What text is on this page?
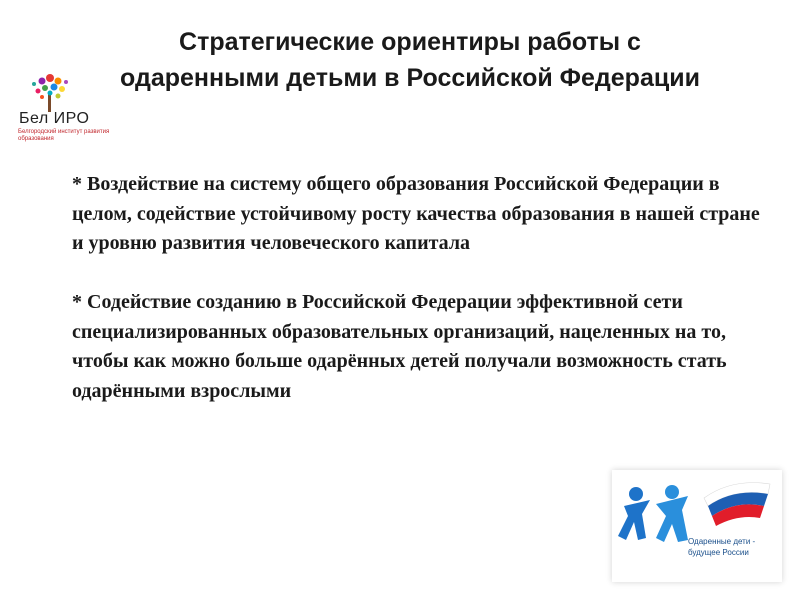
Бел ИРО
Белгородский институт развития образования
Стратегические ориентиры работы с одаренными детьми в Российской Федерации
* Воздействие на систему общего образования Российской Федерации в целом, содействие устойчивому росту качества образования в нашей стране и уровню развития человеческого капитала
* Содействие созданию в Российской Федерации эффективной сети специализированных образовательных организаций, нацеленных на то, чтобы как можно больше одарённых детей получали возможность стать одарёнными взрослыми
Одаренные дети -
будущее России
